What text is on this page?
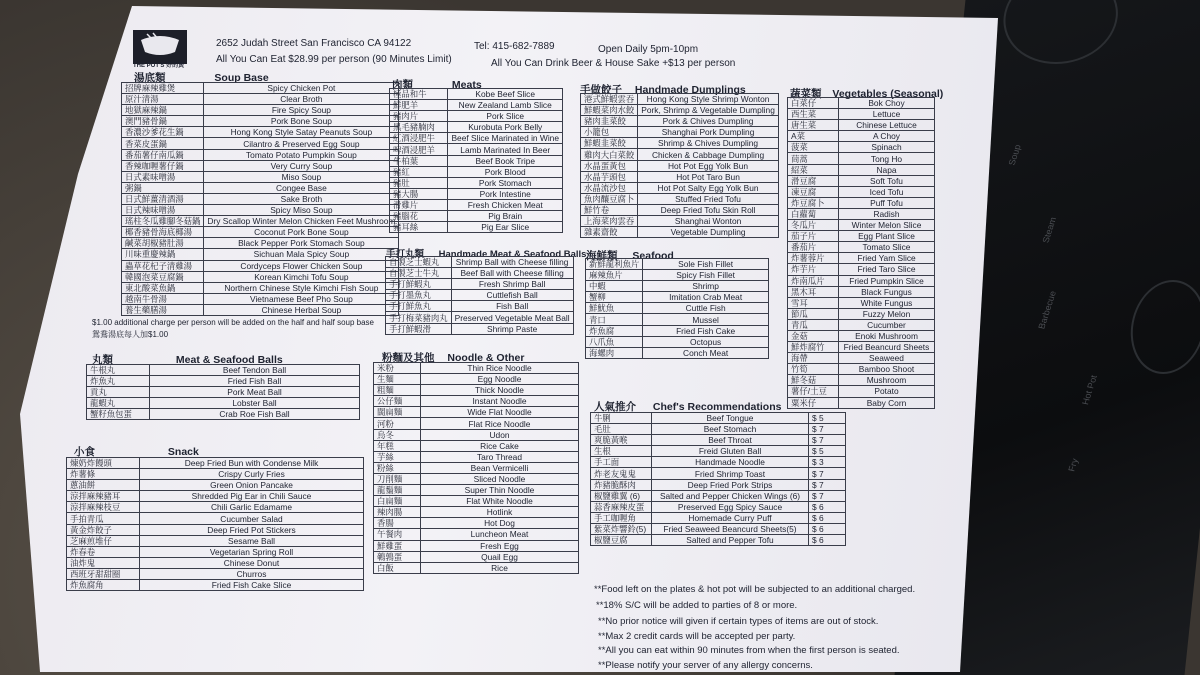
Soup
Steam
Barbecue
Hot Pot
Fry
THE POT'S 好的煲
2652 Judah Street San Francisco CA 94122	Tel: 415-682-7889	Open Daily 5pm-10pm
All You Can Eat $28.99 per person (90 Minutes Limit)	All You Can Drink Beer & House Sake +$13 per person
湯底類	Soup Base
招牌麻辣雞煲	Spicy Chicken Pot
原汁清湯	Clear Broth
地獄麻辣鍋	Fire Spicy Soup
澳門豬骨鍋	Pork Bone Soup
香濃沙爹花生鍋	Hong Kong Style Satay Peanuts Soup
香菜皮蛋鍋	Cilantro & Preserved Egg Soup
番茄薯仔南瓜鍋	Tomato Potato Pumpkin Soup
香辣咖喱薯仔鍋	Very Curry Soup
日式素味噌湯	Miso Soup
粥鍋	Congee Base
日式鮮薑清酒湯	Sake Broth
日式辣味噌湯	Spicy Miso Soup
瑤柱冬瓜雞腳冬菇鍋	Dry Scallop Winter Melon Chicken Feet Mushroom
椰香豬骨海底椰湯	Coconut Pork Bone Soup
鹹菜胡椒豬肚湯	Black Pepper Pork Stomach Soup
川味重慶辣鍋	Sichuan Mala Spicy Soup
蟲草花杞子清雞湯	Cordyceps Flower Chicken Soup
韓國泡菜豆腐鍋	Korean Kimchi Tofu Soup
東北酸菜魚鍋	Northern Chinese Style Kimchi Fish Soup
越南牛骨湯	Vietnamese Beef Pho Soup
養生藥膳湯	Chinese Herbal Soup
$1.00 additional charge per person will be added on the half and half soup base
鴛鴦湯底每人加$1.00
肉類	Meats
極品和牛	Kobe Beef Slice
鮮肥羊	New Zealand Lamb Slice
豬肉片	Pork Slice
黑毛豬腩肉	Kurobuta Pork Belly
紅酒浸肥牛	Beef Slice Marinated in Wine
啤酒浸肥羊	Lamb Marinated In Beer
牛柏葉	Beef Book Tripe
豬紅	Pork Blood
豬肚	Pork Stomach
豬大腸	Pork Intestine
滑雞片	Fresh Chicken Meat
豬腦花	Pig Brain
豬耳絲	Pig Ear Slice
手做餃子 Handmade Dumplings
港式鮮蝦雲吞	Hong Kong Style Shrimp Wonton
鮮蝦菜肉水餃	Pork, Shrimp & Vegetable Dumpling
豬肉韭菜餃	Pork & Chives Dumpling
小籠包	Shanghai Pork Dumpling
鮮蝦韭菜餃	Shrimp & Chives Dumpling
雞肉大白菜餃	Chicken & Cabbage Dumpling
水晶蛋黃包	Hot Pot Egg Yolk Bun
水晶芋頭包	Hot Pot Taro Bun
水晶流沙包	Hot Pot Salty Egg Yolk Bun
魚肉釀豆腐卜	Stuffed Fried Tofu
鮮竹卷	Deep Fried Tofu Skin Roll
上海菜肉雲吞	Shanghai Wonton
雜素齋餃	Vegetable Dumpling
蔬菜類 Vegetables (Seasonal)
白菜仔	Bok Choy
西生菜	Lettuce
唐生菜	Chinese Lettuce
A菜	A Choy
菠菜	Spinach
茼蒿	Tong Ho
紹菜	Napa
滑豆腐	Soft Tofu
凍豆腐	Iced Tofu
炸豆腐卜	Puff Tofu
白蘿蔔	Radish
冬瓜片	Winter Melon Slice
茄子片	Egg Plant Slice
番茄片	Tomato Slice
炸薯蓉片	Fried Yam Slice
炸芋片	Fried Taro Slice
炸南瓜片	Fried Pumpkin Slice
黑木耳	Black Fungus
雪耳	White Fungus
節瓜	Fuzzy Melon
青瓜	Cucumber
金菇	Enoki Mushroom
鮮炸腐竹	Fried Beancurd Sheets
海帶	Seaweed
竹筍	Bamboo Shoot
鮮冬菇	Mushroom
薯仔/土豆	Potato
粟米仔	Baby Corn
手打丸類 Handmade Meat & Seafood Balls
自製芝士蝦丸	Shrimp Ball with Cheese filling
自製芝士牛丸	Beef Ball with Cheese filling
手打鮮蝦丸	Fresh Shrimp Ball
手打墨魚丸	Cuttlefish Ball
手打鮮魚丸	Fish Ball
手打梅菜豬肉丸	Preserved Vegetable Meat Ball
手打鮮蝦滑	Shrimp Paste
海鮮類 Seafood
新鮮龍利魚片	Sole Fish Fillet
麻辣魚片	Spicy Fish Fillet
中蝦	Shrimp
蟹柳	Imitation Crab Meat
鮮魷魚	Cuttle Fish
青口	Mussel
炸魚腐	Fried Fish Cake
八爪魚	Octopus
海螺肉	Conch Meat
丸類	Meat & Seafood Balls
牛根丸	Beef Tendon Ball
炸魚丸	Fried Fish Ball
貢丸	Pork Meat Ball
龍蝦丸	Lobster Ball
蟹籽魚包蛋	Crab Roe Fish Ball
粉麵及其他 Noodle & Other
米粉	Thin Rice Noodle
生麵	Egg Noodle
粗麵	Thick Noodle
公仔麵	Instant Noodle
闊扁麵	Wide Flat Noodle
河粉	Flat Rice Noodle
烏冬	Udon
年糕	Rice Cake
芋絲	Taro Thread
粉絲	Bean Vermicelli
刀削麵	Sliced Noodle
龍鬚麵	Super Thin Noodle
白扁麵	Flat White Noodle
辣肉腸	Hotlink
香腸	Hot Dog
午餐肉	Luncheon Meat
鮮雞蛋	Fresh Egg
鵪鶉蛋	Quail Egg
白飯	Rice
小食	Snack
煉奶炸饅頭	Deep Fried Bun with Condense Milk
炸薯條	Crispy Curly Fries
蔥油餅	Green Onion Pancake
涼拌麻辣豬耳	Shredded Pig Ear in Chili Sauce
涼拌麻辣枝豆	Chili Garlic Edamame
手拍青瓜	Cucumber Salad
黃金炸餃子	Deep Fried Pot Stickers
芝麻煎堆仔	Sesame Ball
炸春卷	Vegetarian Spring Roll
油炸鬼	Chinese Donut
西班牙甜甜圈	Churros
炸魚腐角	Fried Fish Cake Slice
人氣推介 Chef's Recommendations
牛脷	Beef Tongue	$ 5
毛肚	Beef Stomach	$ 7
爽脆黃喉	Beef Throat	$ 7
生根	Freid Gluten Ball	$ 5
手工面	Handmade Noodle	$ 3
炸老友鬼鬼	Fried Shrimp Toast	$ 7
炸豬脆酥肉	Deep Fried Pork Strips	$ 7
椒鹽雞翼 (6)	Salted and Pepper Chicken Wings (6)	$ 7
蒜香麻辣皮蛋	Preserved Egg Spicy Sauce	$ 6
手工咖喱角	Homemade Curry Puff	$ 6
紫菜炸響鈴(5)	Fried Seaweed Beancurd Sheets(5)	$ 6
椒鹽豆腐	Salted and Pepper Tofu	$ 6
**Food left on the plates & hot pot will be subjected to an additional charged.
**18% S/C will be added to parties of 8 or more.
**No prior notice will given if certain types of items are out of stock.
**Max 2 credit cards will be accepted per party.
**All you can eat within 90 minutes from when the first person is seated.
**Please notify your server of any allergy concerns.
